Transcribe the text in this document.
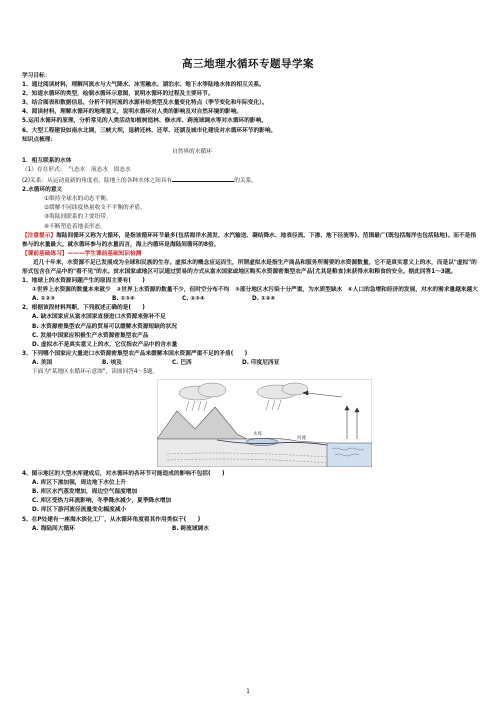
高三地理水循环专题导学案
学习目标：
1、通过阅读材料，理解河流水与大气降水、冰雪融水、湖泊水、地下水等陆地水体的相互关系。
2、知道水循环的类型，绘制水循环示意图，说明水循环的过程及主要环节。
3、结合图表和数据信息，分析不同河流的水源补给类型及水量变化特点（季节变化和年际变化）。
4、阅读材料，理解水循环的地理意义，说明水循环对人类的影响及对自然环境的影响。
5.运用水循环的原理，分析常见的人类活动如植树造林、修水库、跨流域调水等对水循环的影响。
6、大型工程建设如南水北调，三峡大坝，退耕还林、还草、还湖及城市化建设对水循环环节的影响。
知识点梳理：
自然界的水循环
1．相互联系的水体
（1）存在形式：　气态水　液态水　固态水
(2)关系：从运动更新的角度看，陆地上的各种水体之间具有	的关系。
2.水循环的意义
①维持全球水的动态平衡。
②缓解不同纬度热量收支不平衡的矛盾。
③海陆间联系的主要纽带。
④不断塑造着地表形态。
【注意提示】海陆间循环又称为大循环，是指该循环环节最多(包括海洋水蒸发、水汽输送、凝结降水、地表径流、下渗、地下径流等)、范围最广(既包括海洋也包括陆地)。而不是指参与的水量最大。就水循环参与的水量而言，海上内循环是海陆间循环的8倍。
【课前基础练习】———学生课前基础知识检测
近几十年来，水资源不足已发展成为全球和民族的生存。虚拟水的概念应运而生，所谓虚拟水是指生产商品和服务所需要的水资源数量，它不是真实意义上的水，而是以"虚拟"的形式包含在产品中的"看不见"的水。贫水国家或地区可以通过贸易的方式从富水国家或地区购买水资源密集型农产品(尤其是粮食)来获得水和粮食的安全。据此回答1～3题。
1、地球上的水资源问题产生的原因主要有(　　)
①世界上水资源的数量本来就少　②世界上水资源的数量不少，但时空分布不均　③部分地区水污染十分严重，为水质型缺水　④人口的急增和经济的发展，对水的需求量越来越大
A. ①②③	B. ①③④	C. ②③④	D. ①②④
2、根据该段材料判断，下列叙述正确的是(　　)
A. 缺水国家应从富水国家直接进口水资源来弥补不足
B. 水资源密集型农产品的贸易可以缓解水资源短缺的状况
C. 发展中国家应积极生产水资源密集型农产品
D. 虚拟水不是真实意义上的水，它仅指农产品中的含水量
3、下列哪个国家应大量进口水资源密集型农产品来缓解本国水资源严重不足的矛盾(　　)
A. 美国	B. 埃及	C. 巴西	D. 印度尼西亚
下面为"某地区水循环示意图"，读图回答4～5题。
水库
河流
4、图示地区的大型水库建成后，对水循环的各环节可能造成的影响不包括(　　)
A. 库区下渗加强，周边地下水位上升
B. 库区水汽蒸发增加，周边空气湿度增加
C. 库区受热力环流影响，冬季降水减少，夏季降水增加
D. 库区下游河流径流量变化幅度减小
5、在P处建有一座海水淡化工厂，从水循环角度看其作用类似于(　　)
A. 海陆间大循环	B. 跨流域调水
1
